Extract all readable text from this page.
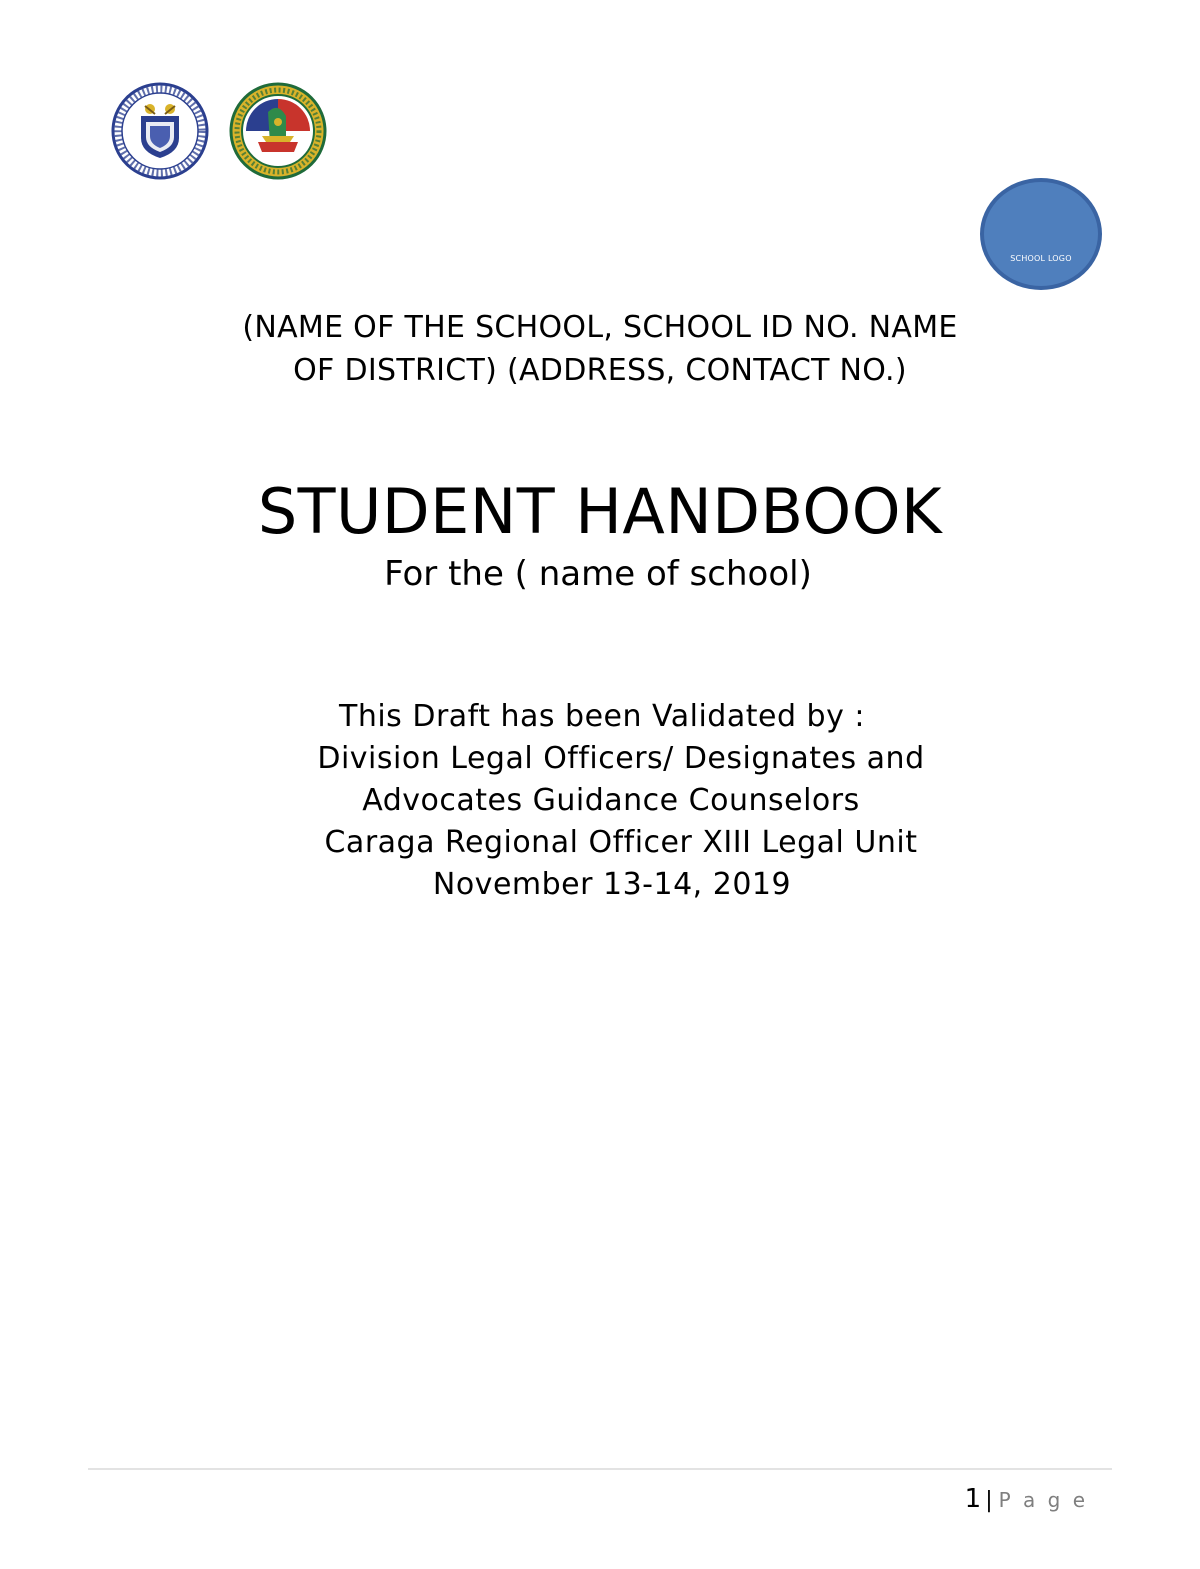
SCHOOL LOGO
(NAME OF THE SCHOOL, SCHOOL ID NO. NAME
OF DISTRICT) (ADDRESS, CONTACT NO.)
STUDENT HANDBOOK
For the ( name of school)
This Draft has been Validated by :
Division Legal Officers/ Designates and
Advocates Guidance Counselors
Caraga Regional Officer XIII Legal Unit
November 13-14, 2019
1 | P a g e
